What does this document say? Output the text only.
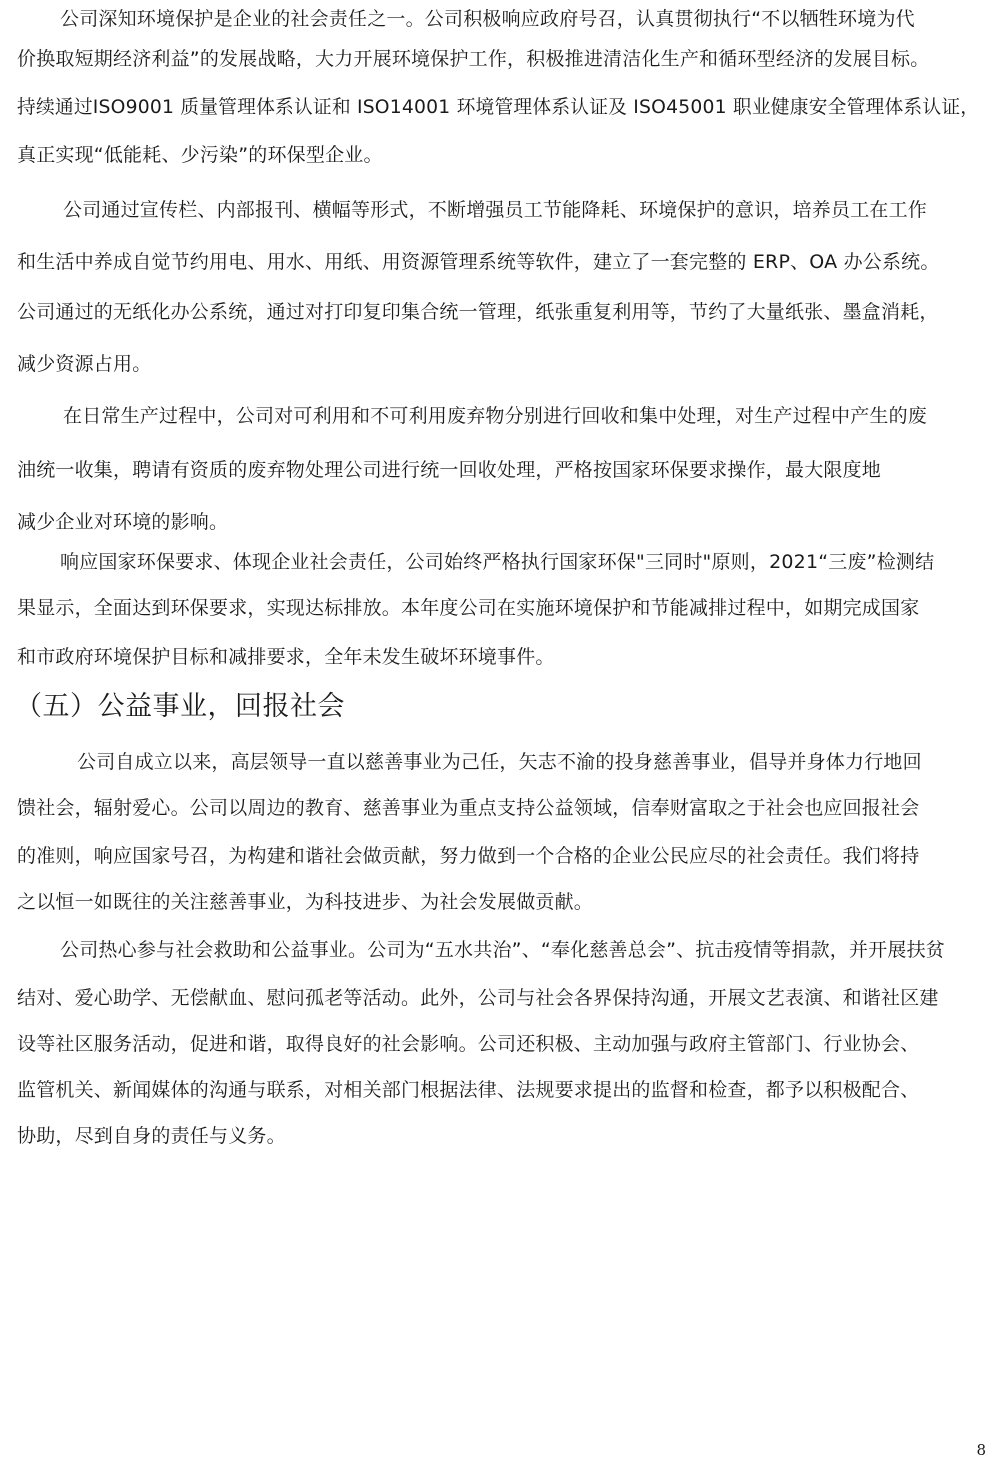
公司深知环境保护是企业的社会责任之一。公司积极响应政府号召，认真贯彻执行“不以牺牲环境为代
价换取短期经济利益”的发展战略，大力开展环境保护工作，积极推进清洁化生产和循环型经济的发展目标。
持续通过ISO9001 质量管理体系认证和 ISO14001 环境管理体系认证及 ISO45001 职业健康安全管理体系认证，
真正实现“低能耗、少污染”的环保型企业。
公司通过宣传栏、内部报刊、横幅等形式，不断增强员工节能降耗、环境保护的意识，培养员工在工作
和生活中养成自觉节约用电、用水、用纸、用资源管理系统等软件，建立了一套完整的 ERP、OA 办公系统。
公司通过的无纸化办公系统，通过对打印复印集合统一管理，纸张重复利用等，节约了大量纸张、墨盒消耗，
减少资源占用。
在日常生产过程中，公司对可利用和不可利用废弃物分别进行回收和集中处理，对生产过程中产生的废
油统一收集，聘请有资质的废弃物处理公司进行统一回收处理，严格按国家环保要求操作，最大限度地
减少企业对环境的影响。
响应国家环保要求、体现企业社会责任，公司始终严格执行国家环保"三同时"原则，2021“三废”检测结
果显示，全面达到环保要求，实现达标排放。本年度公司在实施环境保护和节能减排过程中，如期完成国家
和市政府环境保护目标和减排要求，全年未发生破坏环境事件。
（五）公益事业，回报社会
公司自成立以来，高层领导一直以慈善事业为己任，矢志不渝的投身慈善事业，倡导并身体力行地回
馈社会，辐射爱心。公司以周边的教育、慈善事业为重点支持公益领域，信奉财富取之于社会也应回报社会
的准则，响应国家号召，为构建和谐社会做贡献，努力做到一个合格的企业公民应尽的社会责任。我们将持
之以恒一如既往的关注慈善事业，为科技进步、为社会发展做贡献。
公司热心参与社会救助和公益事业。公司为“五水共治”、“奉化慈善总会”、抗击疫情等捐款，并开展扶贫
结对、爱心助学、无偿献血、慰问孤老等活动。此外，公司与社会各界保持沟通，开展文艺表演、和谐社区建
设等社区服务活动，促进和谐，取得良好的社会影响。公司还积极、主动加强与政府主管部门、行业协会、
监管机关、新闻媒体的沟通与联系，对相关部门根据法律、法规要求提出的监督和检查，都予以积极配合、
协助，尽到自身的责任与义务。
8
